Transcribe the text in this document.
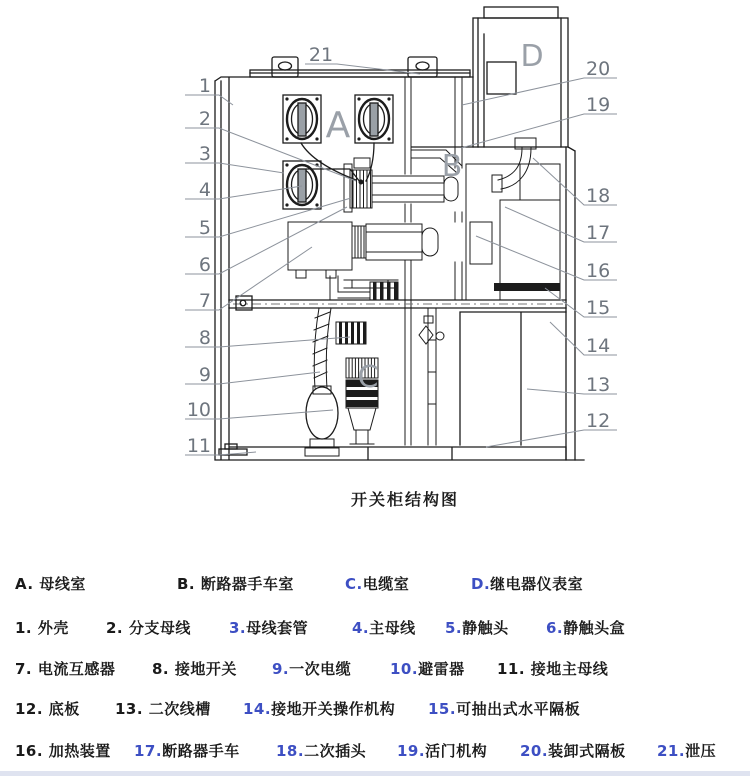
1
2
3
4
5
6
7
8
9
10
11
12
13
14
15
16
17
18
19
20
21
A
B
C
D
开关柜结构图
A. 母线室	B. 断路器手车室	C.电缆室	D.继电器仪表室
1. 外壳 2. 分支母线	3.母线套管	4.主母线 5.静触头 6.静触头盒
7. 电流互感器 8. 接地开关 9.一次电缆	10.避雷器 11. 接地主母线
12. 底板 13. 二次线槽 14.接地开关操作机构 15.可抽出式水平隔板
16. 加热装置 17.断路器手车 18.二次插头 19.活门机构 20.装卸式隔板 21.泄压
